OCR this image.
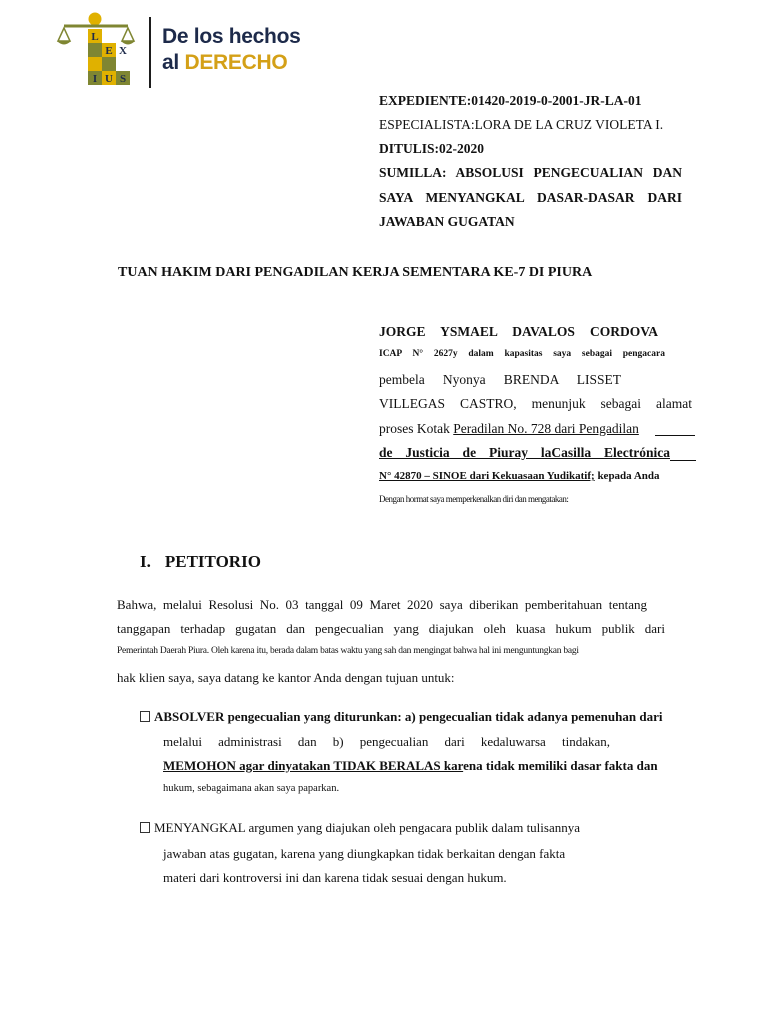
L
E X
I U S
De los hechos
al DERECHO
EXPEDIENTE:01420-2019-0-2001-JR-LA-01
ESPECIALISTA:LORA DE LA CRUZ VIOLETA I.
DITULIS:02-2020
SUMILLA: ABSOLUSI PENGECUALIAN DAN
SAYA MENYANGKAL DASAR-DASAR DARI
JAWABAN GUGATAN
TUAN HAKIM DARI PENGADILAN KERJA SEMENTARA KE-7 DI PIURA
JORGE YSMAEL DAVALOS CORDOVA
ICAP N° 2627y dalam kapasitas saya sebagai pengacara
pembela Nyonya BRENDA LISSET
VILLEGAS CASTRO, menunjuk sebagai alamat
proses Kotak Peradilan No. 728 dari Pengadilan
de Justicia de Piuray laCasilla Electrónica
N° 42870 – SINOE dari Kekuasaan Yudikatif; kepada Anda
Dengan hormat saya memperkenalkan diri dan mengatakan:
I. PETITORIO
Bahwa, melalui Resolusi No. 03 tanggal 09 Maret 2020 saya diberikan pemberitahuan tentang
tanggapan terhadap gugatan dan pengecualian yang diajukan oleh kuasa hukum publik dari
Pemerintah Daerah Piura. Oleh karena itu, berada dalam batas waktu yang sah dan mengingat bahwa hal ini menguntungkan bagi
hak klien saya, saya datang ke kantor Anda dengan tujuan untuk:
ABSOLVER pengecualian yang diturunkan: a) pengecualian tidak adanya pemenuhan dari
melalui administrasi dan b) pengecualian dari kedaluwarsa tindakan,
MEMOHON agar dinyatakan TIDAK BERALAS karena tidak memiliki dasar fakta dan
hukum, sebagaimana akan saya paparkan.
MENYANGKAL argumen yang diajukan oleh pengacara publik dalam tulisannya
jawaban atas gugatan, karena yang diungkapkan tidak berkaitan dengan fakta
materi dari kontroversi ini dan karena tidak sesuai dengan hukum.
